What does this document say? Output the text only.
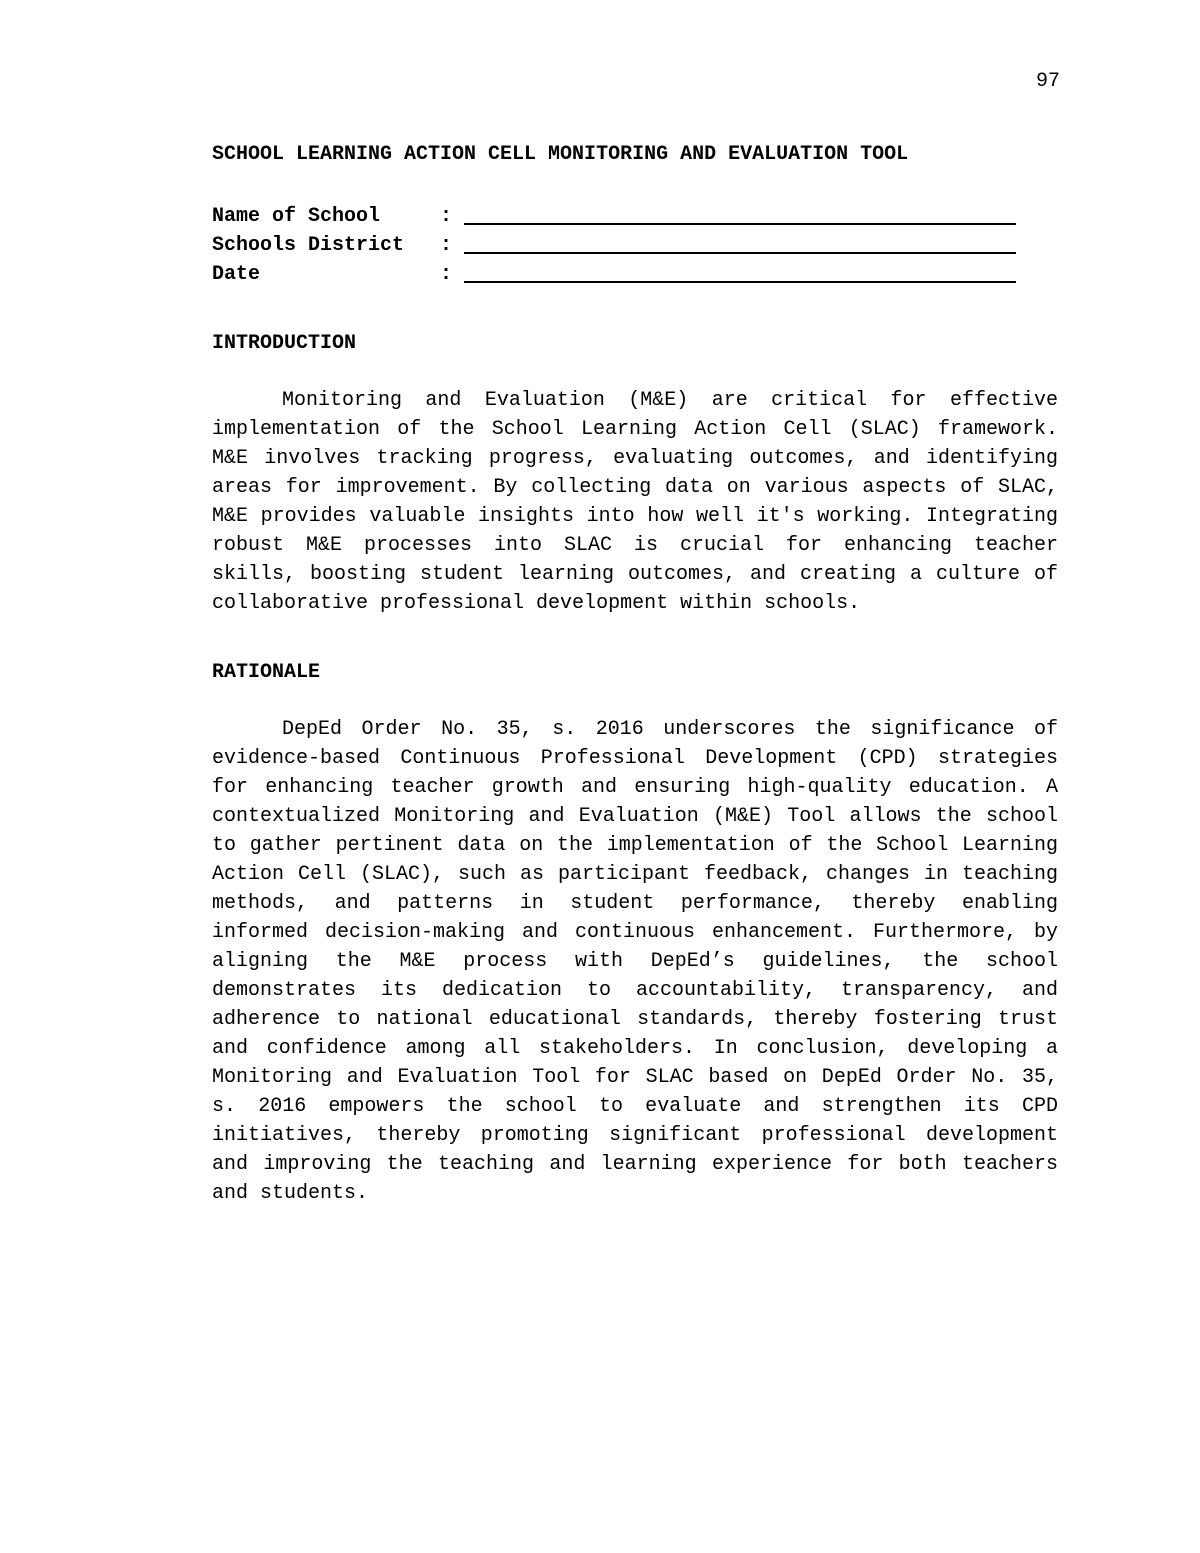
97
SCHOOL LEARNING ACTION CELL MONITORING AND EVALUATION TOOL
Name of School	:
Schools District	:
Date	:
INTRODUCTION

Monitoring and Evaluation (M&E) are critical for effective implementation of the School Learning Action Cell (SLAC) framework. M&E involves tracking progress, evaluating outcomes, and identifying areas for improvement. By collecting data on various aspects of SLAC, M&E provides valuable insights into how well it's working. Integrating robust M&E processes into SLAC is crucial for enhancing teacher skills, boosting student learning outcomes, and creating a culture of collaborative professional development within schools.

RATIONALE

DepEd Order No. 35, s. 2016 underscores the significance of evidence-based Continuous Professional Development (CPD) strategies for enhancing teacher growth and ensuring high-quality education. A contextualized Monitoring and Evaluation (M&E) Tool allows the school to gather pertinent data on the implementation of the School Learning Action Cell (SLAC), such as participant feedback, changes in teaching methods, and patterns in student performance, thereby enabling informed decision-making and continuous enhancement. Furthermore, by aligning the M&E process with DepEd’s guidelines, the school demonstrates its dedication to accountability, transparency, and adherence to national educational standards, thereby fostering trust and confidence among all stakeholders. In conclusion, developing a Monitoring and Evaluation Tool for SLAC based on DepEd Order No. 35, s. 2016 empowers the school to evaluate and strengthen its CPD initiatives, thereby promoting significant professional development and improving the teaching and learning experience for both teachers and students.
